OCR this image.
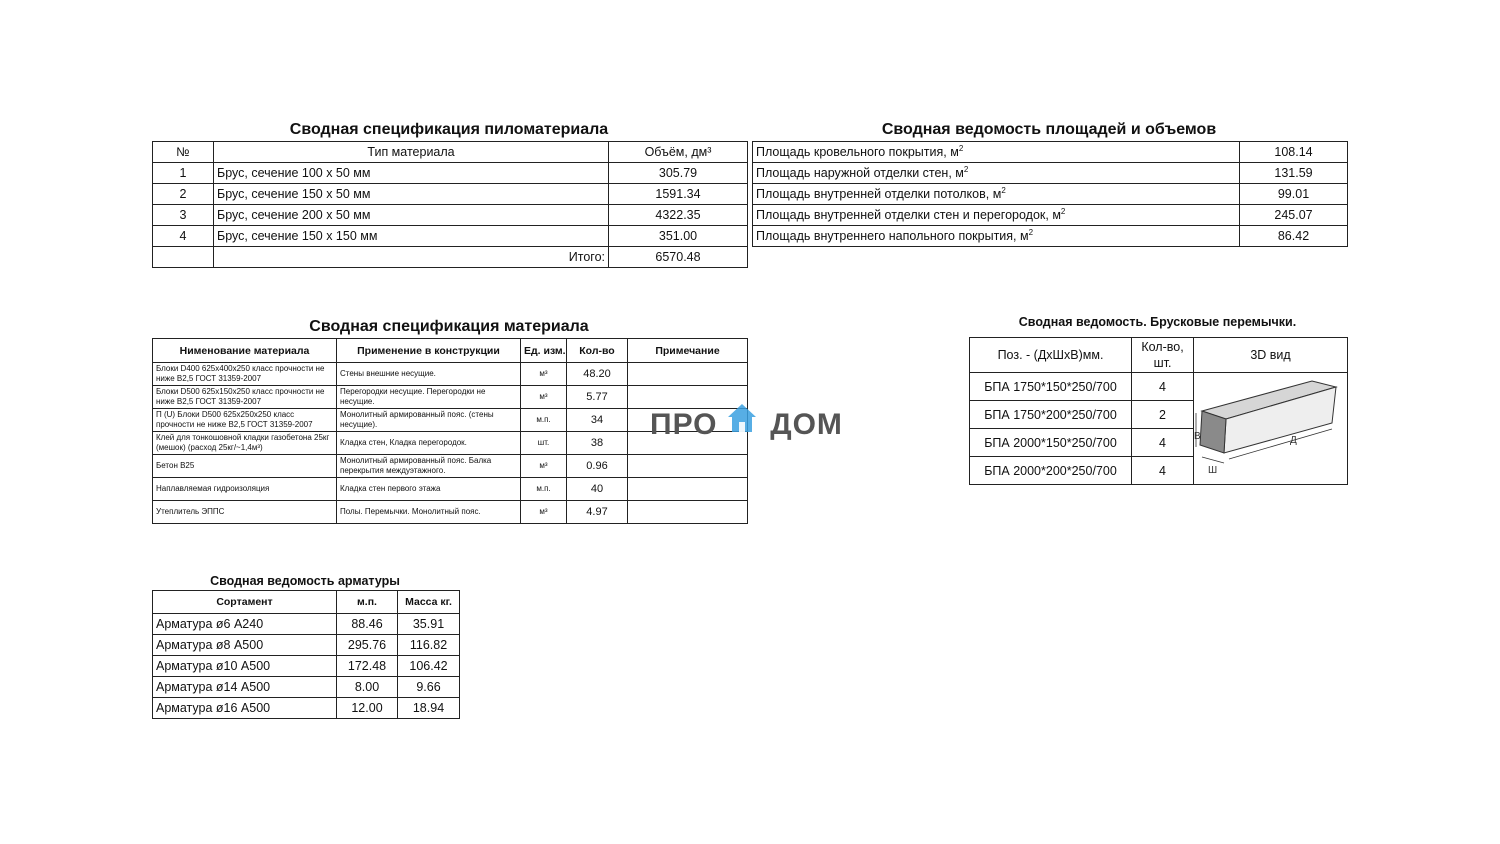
Сводная спецификация пиломатериала
№	Тип материала	Объём, дм³
1	Брус, сечение 100 х 50 мм	305.79
2	Брус, сечение 150 х 50 мм	1591.34
3	Брус, сечение 200 х 50 мм	4322.35
4	Брус, сечение 150 х 150 мм	351.00
	Итого:	6570.48
Сводная ведомость площадей и объемов
Площадь кровельного покрытия, $м^2$	108.14
Площадь наружной отделки стен, $м^2$	131.59
Площадь внутренней отделки потолков, $м^2$	99.01
Площадь внутренней отделки стен и перегородок, $м^2$	245.07
Площадь внутреннего напольного покрытия, $м^2$	86.42
Сводная спецификация материала
Нименование материала	Применение в конструкции	Ед. изм.	Кол-во	Примечание
Блоки D400 625х400х250 класс прочности не ниже В2,5 ГОСТ 31359-2007	Стены внешние несущие.	м³	48.20	
Блоки D500 625х150х250 класс прочности не ниже В2,5 ГОСТ 31359-2007	Перегородки несущие. Перегородки не несущие.	м³	5.77	
П (U) Блоки D500 625х250х250 класс прочности не ниже В2,5 ГОСТ 31359-2007	Монолитный армированный пояс. (стены несущие).	м.п.	34	
Клей для тонкошовной кладки газобетона 25кг (мешок) (расход 25кг/~1,4м³)	Кладка стен, Кладка перегородок.	шт.	38	
Бетон В25	Монолитный армированный пояс. Балка перекрытия междуэтажного.	м³	0.96	
Наплавляемая гидроизоляция	Кладка стен первого этажа	м.п.	40	
Утеплитель ЭППС	Полы. Перемычки. Монолитный пояс.	м³	4.97	
ПРО ДОМ
Сводная ведомость. Брусковые перемычки.
Поз. - (ДхШхВ)мм.	Кол-во, шт.	3D вид
БПА 1750*150*250/700	4	В Д
Ш

БПА 1750*200*250/700	2	
БПА 2000*150*250/700	4	
БПА 2000*200*250/700	4	
Сводная ведомость арматуры
Сортамент	м.п.	Масса кг.
Арматура ø6 А240	88.46	35.91
Арматура ø8 А500	295.76	116.82
Арматура ø10 А500	172.48	106.42
Арматура ø14 А500	8.00	9.66
Арматура ø16 А500	12.00	18.94
